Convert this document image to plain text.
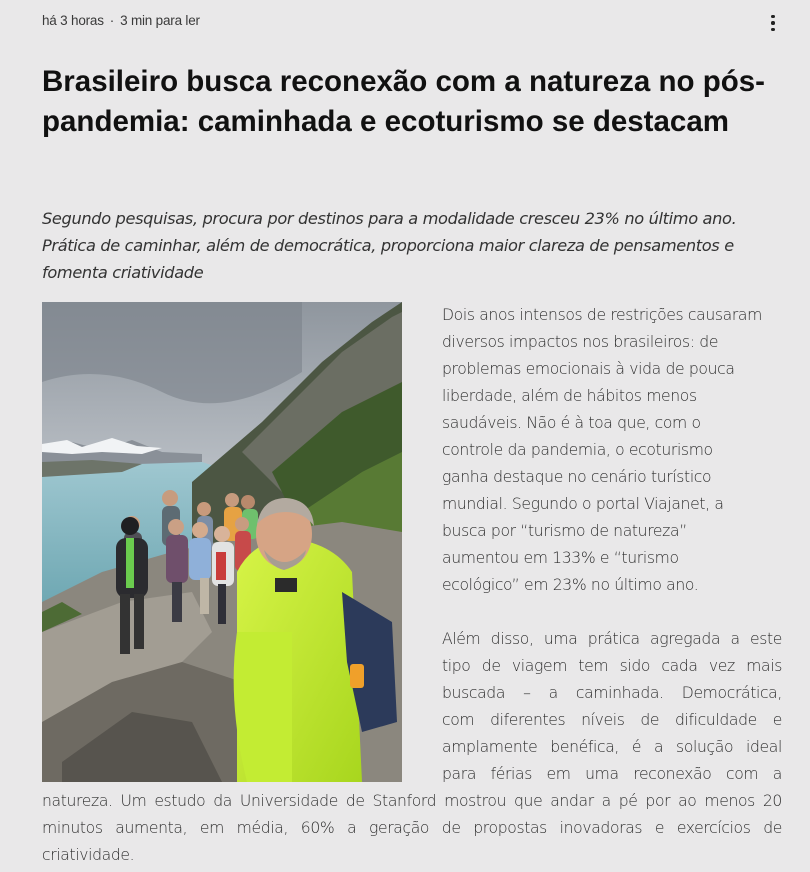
há 3 horas · 3 min para ler
Brasileiro busca reconexão com a natureza no pós-pandemia: caminhada e ecoturismo se destacam

Segundo pesquisas, procura por destinos para a modalidade cresceu 23% no último ano. Prática de caminhar, além de democrática, proporciona maior clareza de pensamentos e fomenta criatividade

Dois anos intensos de restrições causaram
diversos impactos nos brasileiros: de
problemas emocionais à vida de pouca
liberdade, além de hábitos menos
saudáveis. Não é à toa que, com o
controle da pandemia, o ecoturismo
ganha destaque no cenário turístico
mundial. Segundo o portal Viajanet, a
busca por “turismo de natureza”
aumentou em 133% e “turismo
ecológico” em 23% no último ano.
Além disso, uma prática agregada a este
tipo de viagem tem sido cada vez mais
buscada – a caminhada. Democrática,
com diferentes níveis de dificuldade e
amplamente benéfica, é a solução ideal
para férias em uma reconexão com a
natureza. Um estudo da Universidade de Stanford mostrou que andar a pé por ao menos 20
minutos aumenta, em média, 60% a geração de propostas inovadoras e exercícios de
criatividade.
